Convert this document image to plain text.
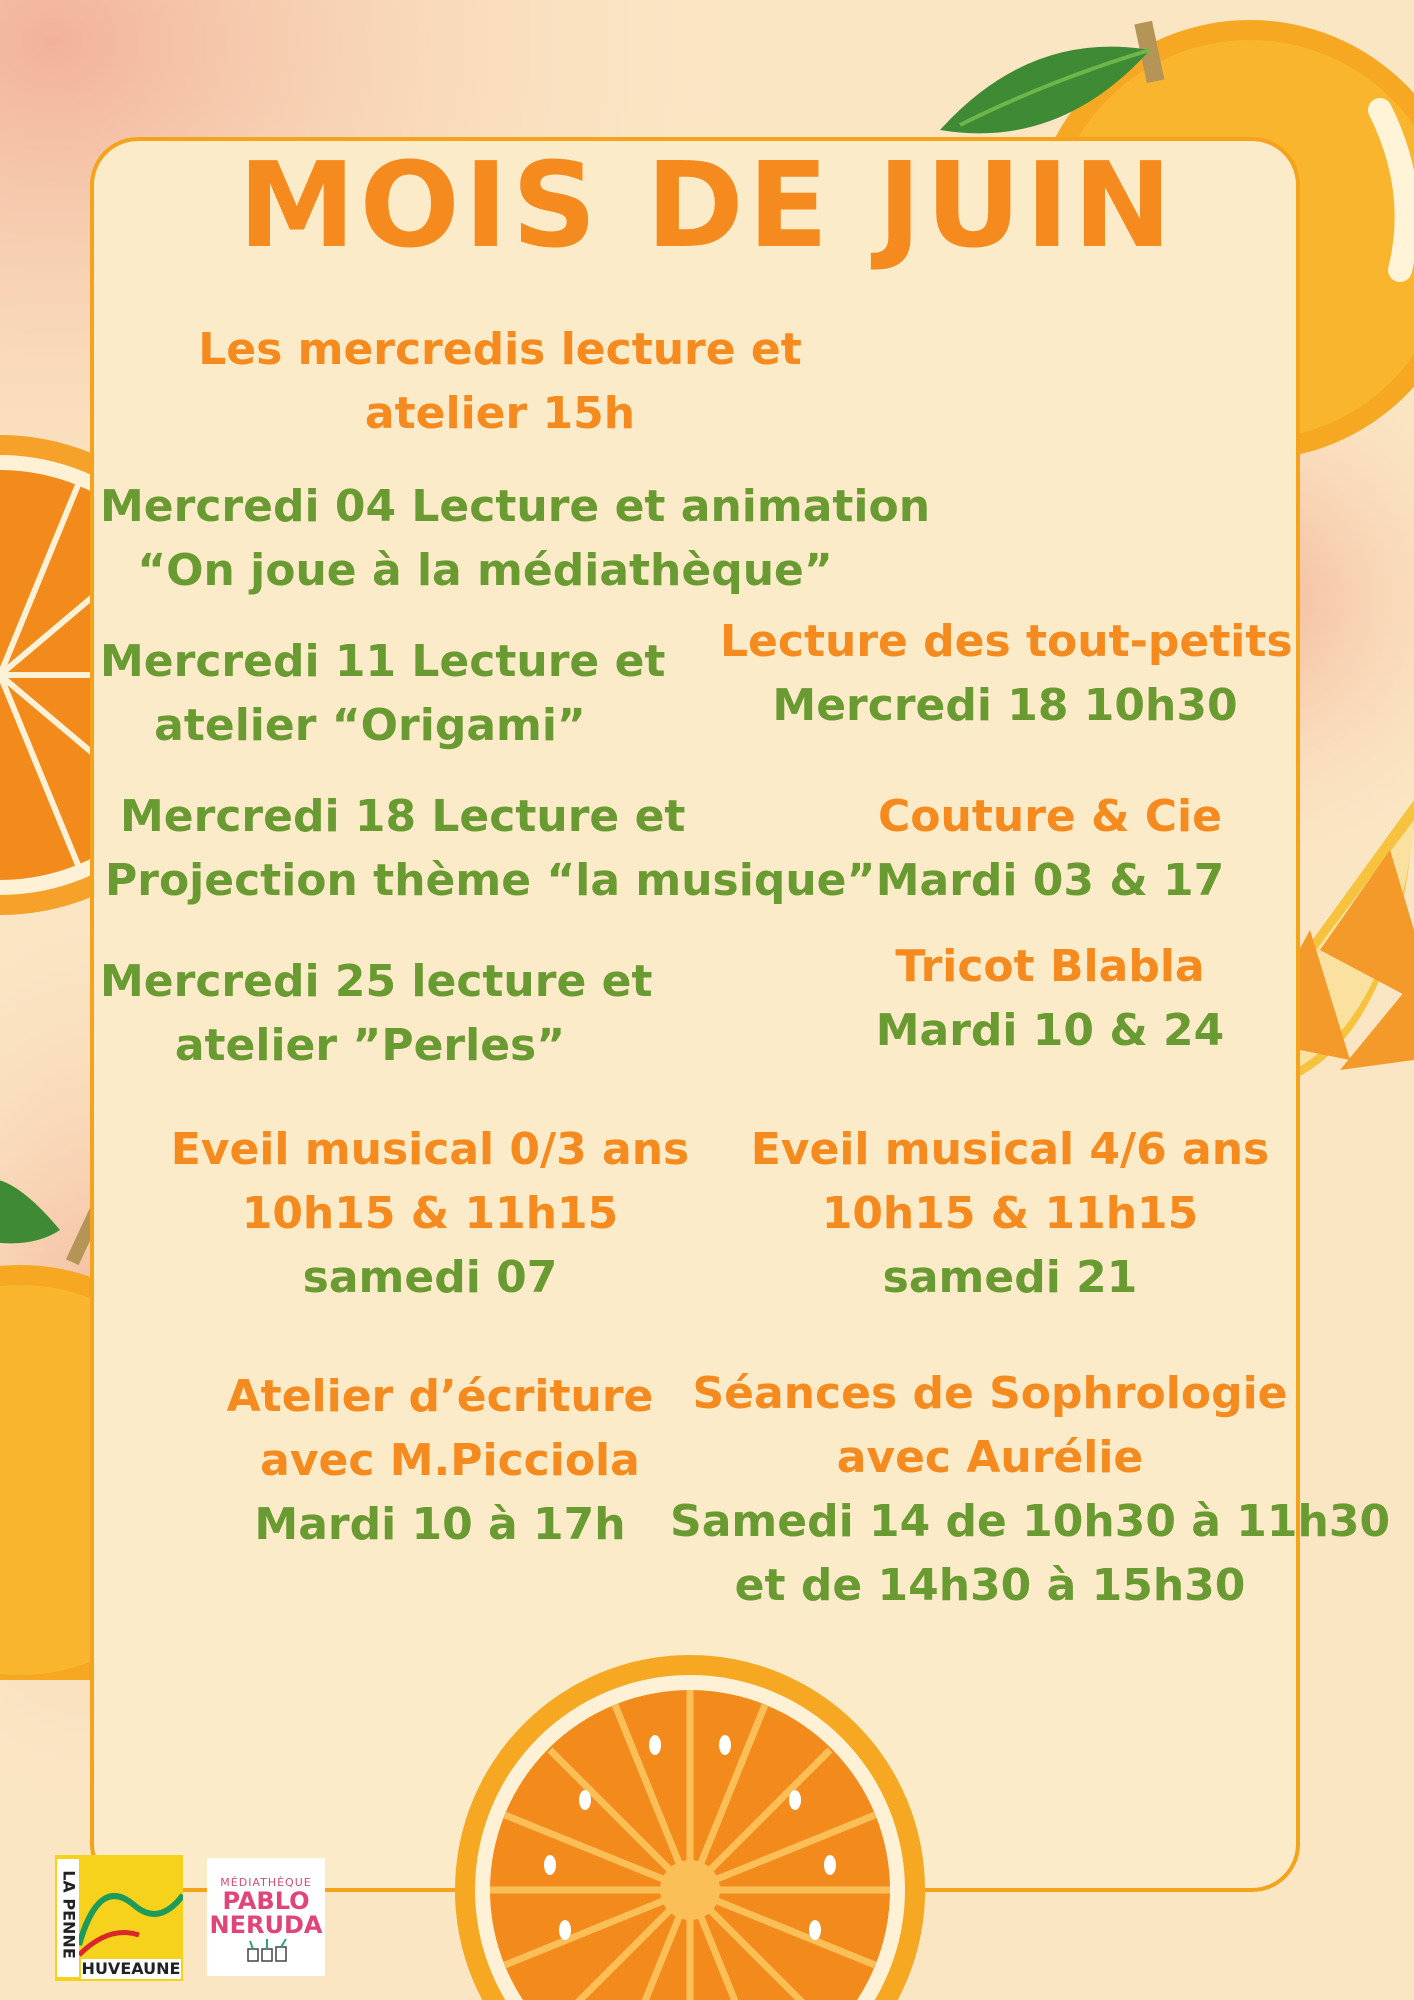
MOIS DE JUIN
Les mercredis lecture et
atelier 15h
Mercredi 04 Lecture et animation
“On joue à la médiathèque”
Mercredi 11 Lecture et
atelier “Origami”
Lecture des tout-petits
Mercredi 18 10h30
Mercredi 18 Lecture et
Projection thème “la musique”
Couture & Cie
Mardi 03 & 17
Tricot Blabla
Mardi 10 & 24
Mercredi 25 lecture et
atelier ”Perles”
Eveil musical 0/3 ans
10h15 & 11h15
samedi 07
Eveil musical 4/6 ans
10h15 & 11h15
samedi 21
Atelier d’écriture
avec M.Picciola
Mardi 10 à 17h
Séances de Sophrologie
avec Aurélie
Samedi 14 de 10h30 à 11h30
et de 14h30 à 15h30
LA PENNE
HUVEAUNE
MÉDIATHÈQUE
PABLO
NERUDA
